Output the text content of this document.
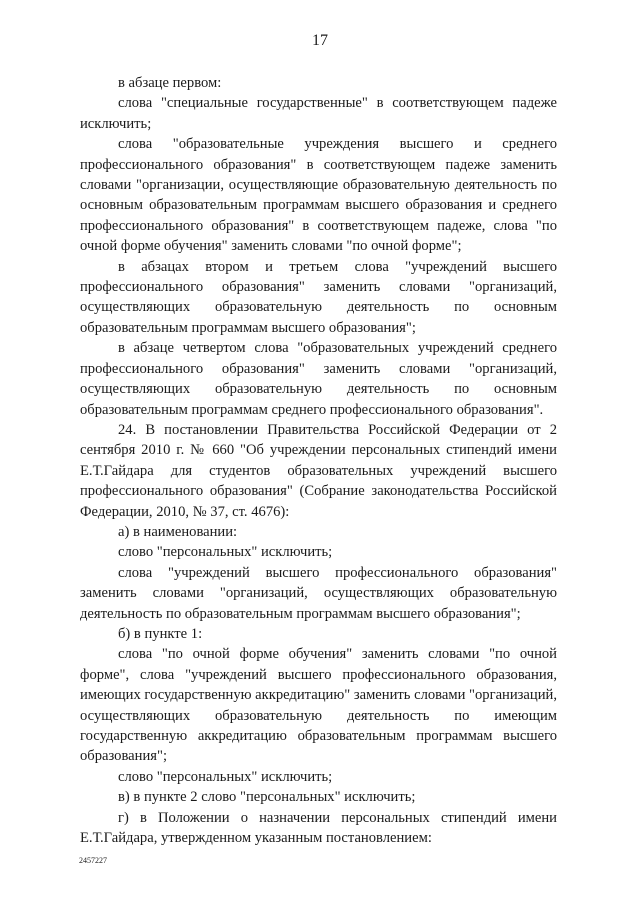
17

в абзаце первом:

слова "специальные государственные" в соответствующем падеже исключить;

слова "образовательные учреждения высшего и среднего профессионального образования" в соответствующем падеже заменить словами "организации, осуществляющие образовательную деятельность по основным образовательным программам высшего образования и среднего профессионального образования" в соответствующем падеже, слова "по очной форме обучения" заменить словами "по очной форме";

в абзацах втором и третьем слова "учреждений высшего профессионального образования" заменить словами "организаций, осуществляющих образовательную деятельность по основным образовательным программам высшего образования";

в абзаце четвертом слова "образовательных учреждений среднего профессионального образования" заменить словами "организаций, осуществляющих образовательную деятельность по основным образовательным программам среднего профессионального образования".

24. В постановлении Правительства Российской Федерации от 2 сентября 2010 г. № 660 "Об учреждении персональных стипендий имени Е.Т.Гайдара для студентов образовательных учреждений высшего профессионального образования" (Собрание законодательства Российской Федерации, 2010, № 37, ст. 4676):

а) в наименовании:

слово "персональных" исключить;

слова "учреждений высшего профессионального образования" заменить словами "организаций, осуществляющих образовательную деятельность по образовательным программам высшего образования";

б) в пункте 1:

слова "по очной форме обучения" заменить словами "по очной форме", слова "учреждений высшего профессионального образования, имеющих государственную аккредитацию" заменить словами "организаций, осуществляющих образовательную деятельность по имеющим государственную аккредитацию образовательным программам высшего образования";

слово "персональных" исключить;

в) в пункте 2 слово "персональных" исключить;

г) в Положении о назначении персональных стипендий имени Е.Т.Гайдара, утвержденном указанным постановлением:

2457227
